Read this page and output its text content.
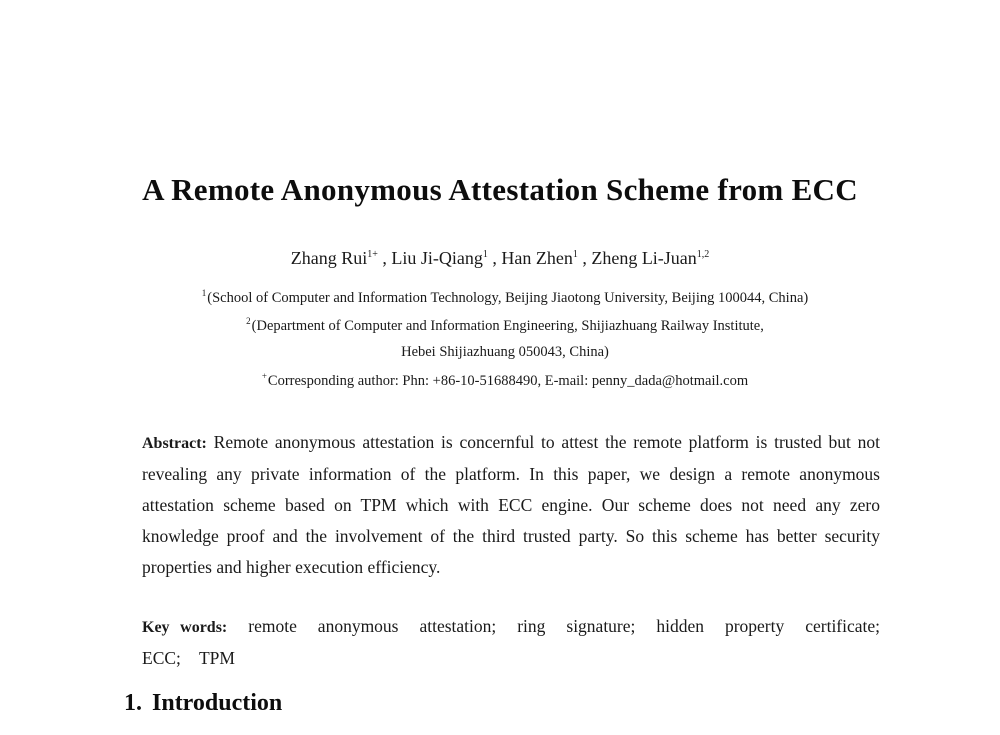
A Remote Anonymous Attestation Scheme from ECC
Zhang Rui$^{1+}$ , Liu Ji-Qiang$^1$ , Han Zhen$^1$ , Zheng Li-Juan$^{1,2}$
$^1$(School of Computer and Information Technology, Beijing Jiaotong University, Beijing 100044, China)
$^2$(Department of Computer and Information Engineering, Shijiazhuang Railway Institute,
Hebei Shijiazhuang 050043, China)
+Corresponding author: Phn: +86-10-51688490, E-mail: penny_dada@hotmail.com
Abstract: Remote anonymous attestation is concernful to attest the remote platform is trusted but not revealing any private information of the platform. In this paper, we design a remote anonymous attestation scheme based on TPM which with ECC engine. Our scheme does not need any zero knowledge proof and the involvement of the third trusted party. So this scheme has better security properties and higher execution efficiency.
Key words: remote anonymous attestation; ring signature; hidden property certificate; ECC; TPM
1. Introduction
